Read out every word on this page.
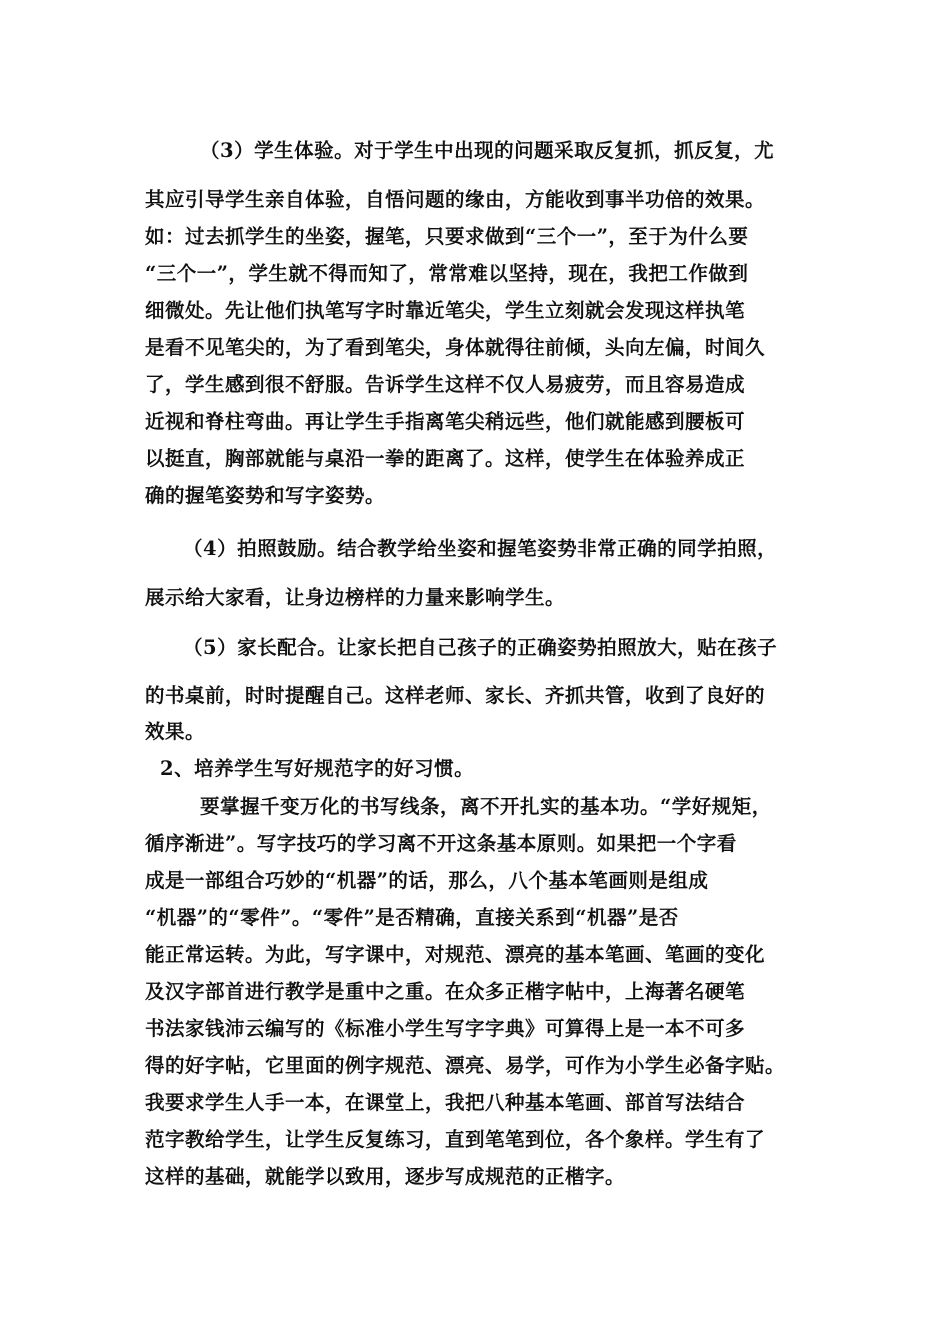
（3）学生体验。对于学生中出现的问题采取反复抓，抓反复，尤
其应引导学生亲自体验，自悟问题的缘由，方能收到事半功倍的效果。
如：过去抓学生的坐姿，握笔，只要求做到“三个一”，至于为什么要
“三个一”，学生就不得而知了，常常难以坚持，现在，我把工作做到
细微处。先让他们执笔写字时靠近笔尖，学生立刻就会发现这样执笔
是看不见笔尖的，为了看到笔尖，身体就得往前倾，头向左偏，时间久
了，学生感到很不舒服。告诉学生这样不仅人易疲劳，而且容易造成
近视和脊柱弯曲。再让学生手指离笔尖稍远些，他们就能感到腰板可
以挺直，胸部就能与桌沿一拳的距离了。这样，使学生在体验养成正
确的握笔姿势和写字姿势。
（4）拍照鼓励。结合教学给坐姿和握笔姿势非常正确的同学拍照，
展示给大家看，让身边榜样的力量来影响学生。
（5）家长配合。让家长把自己孩子的正确姿势拍照放大，贴在孩子
的书桌前，时时提醒自己。这样老师、家长、齐抓共管，收到了良好的
效果。
2、培养学生写好规范字的好习惯。
要掌握千变万化的书写线条，离不开扎实的基本功。“学好规矩，
循序渐进”。写字技巧的学习离不开这条基本原则。如果把一个字看
成是一部组合巧妙的“机器”的话，那么，八个基本笔画则是组成
“机器”的“零件”。“零件”是否精确，直接关系到“机器”是否
能正常运转。为此，写字课中，对规范、漂亮的基本笔画、笔画的变化
及汉字部首进行教学是重中之重。在众多正楷字帖中，上海著名硬笔
书法家钱沛云编写的《标准小学生写字字典》可算得上是一本不可多
得的好字帖，它里面的例字规范、漂亮、易学，可作为小学生必备字贴。
我要求学生人手一本，在课堂上，我把八种基本笔画、部首写法结合
范字教给学生，让学生反复练习，直到笔笔到位，各个象样。学生有了
这样的基础，就能学以致用，逐步写成规范的正楷字。
